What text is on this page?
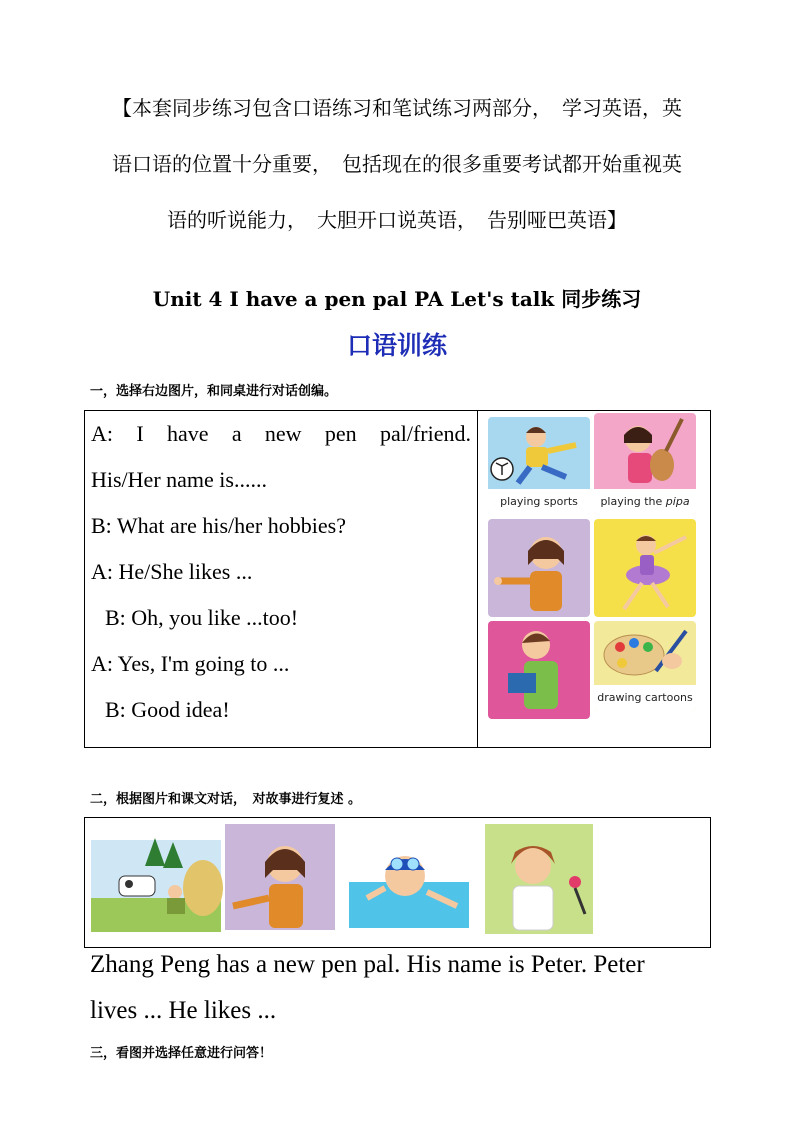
【本套同步练习包含口语练习和笔试练习两部分，　学习英语，英
语口语的位置十分重要，　包括现在的很多重要考试都开始重视英
语的听说能力，　大胆开口说英语，　告别哑巴英语】
Unit 4 I have a pen pal PA Let's talk 同步练习
口语训练

一，选择右边图片，和同桌进行对话创编。

A: I have a new pen pal/friend.
His/Her name is......
B: What are his/her hobbies?
A: He/She likes ...
B: Oh, you like ...too!
A: Yes, I'm going to ...
B: Good idea!
playing sports	playing the pipa
drawing cartoons

二，根据图片和课文对话，　对故事进行复述 。

Zhang Peng has a new pen pal. His name is Peter. Peter
lives ... He likes ...

三，看图并选择任意进行问答！
